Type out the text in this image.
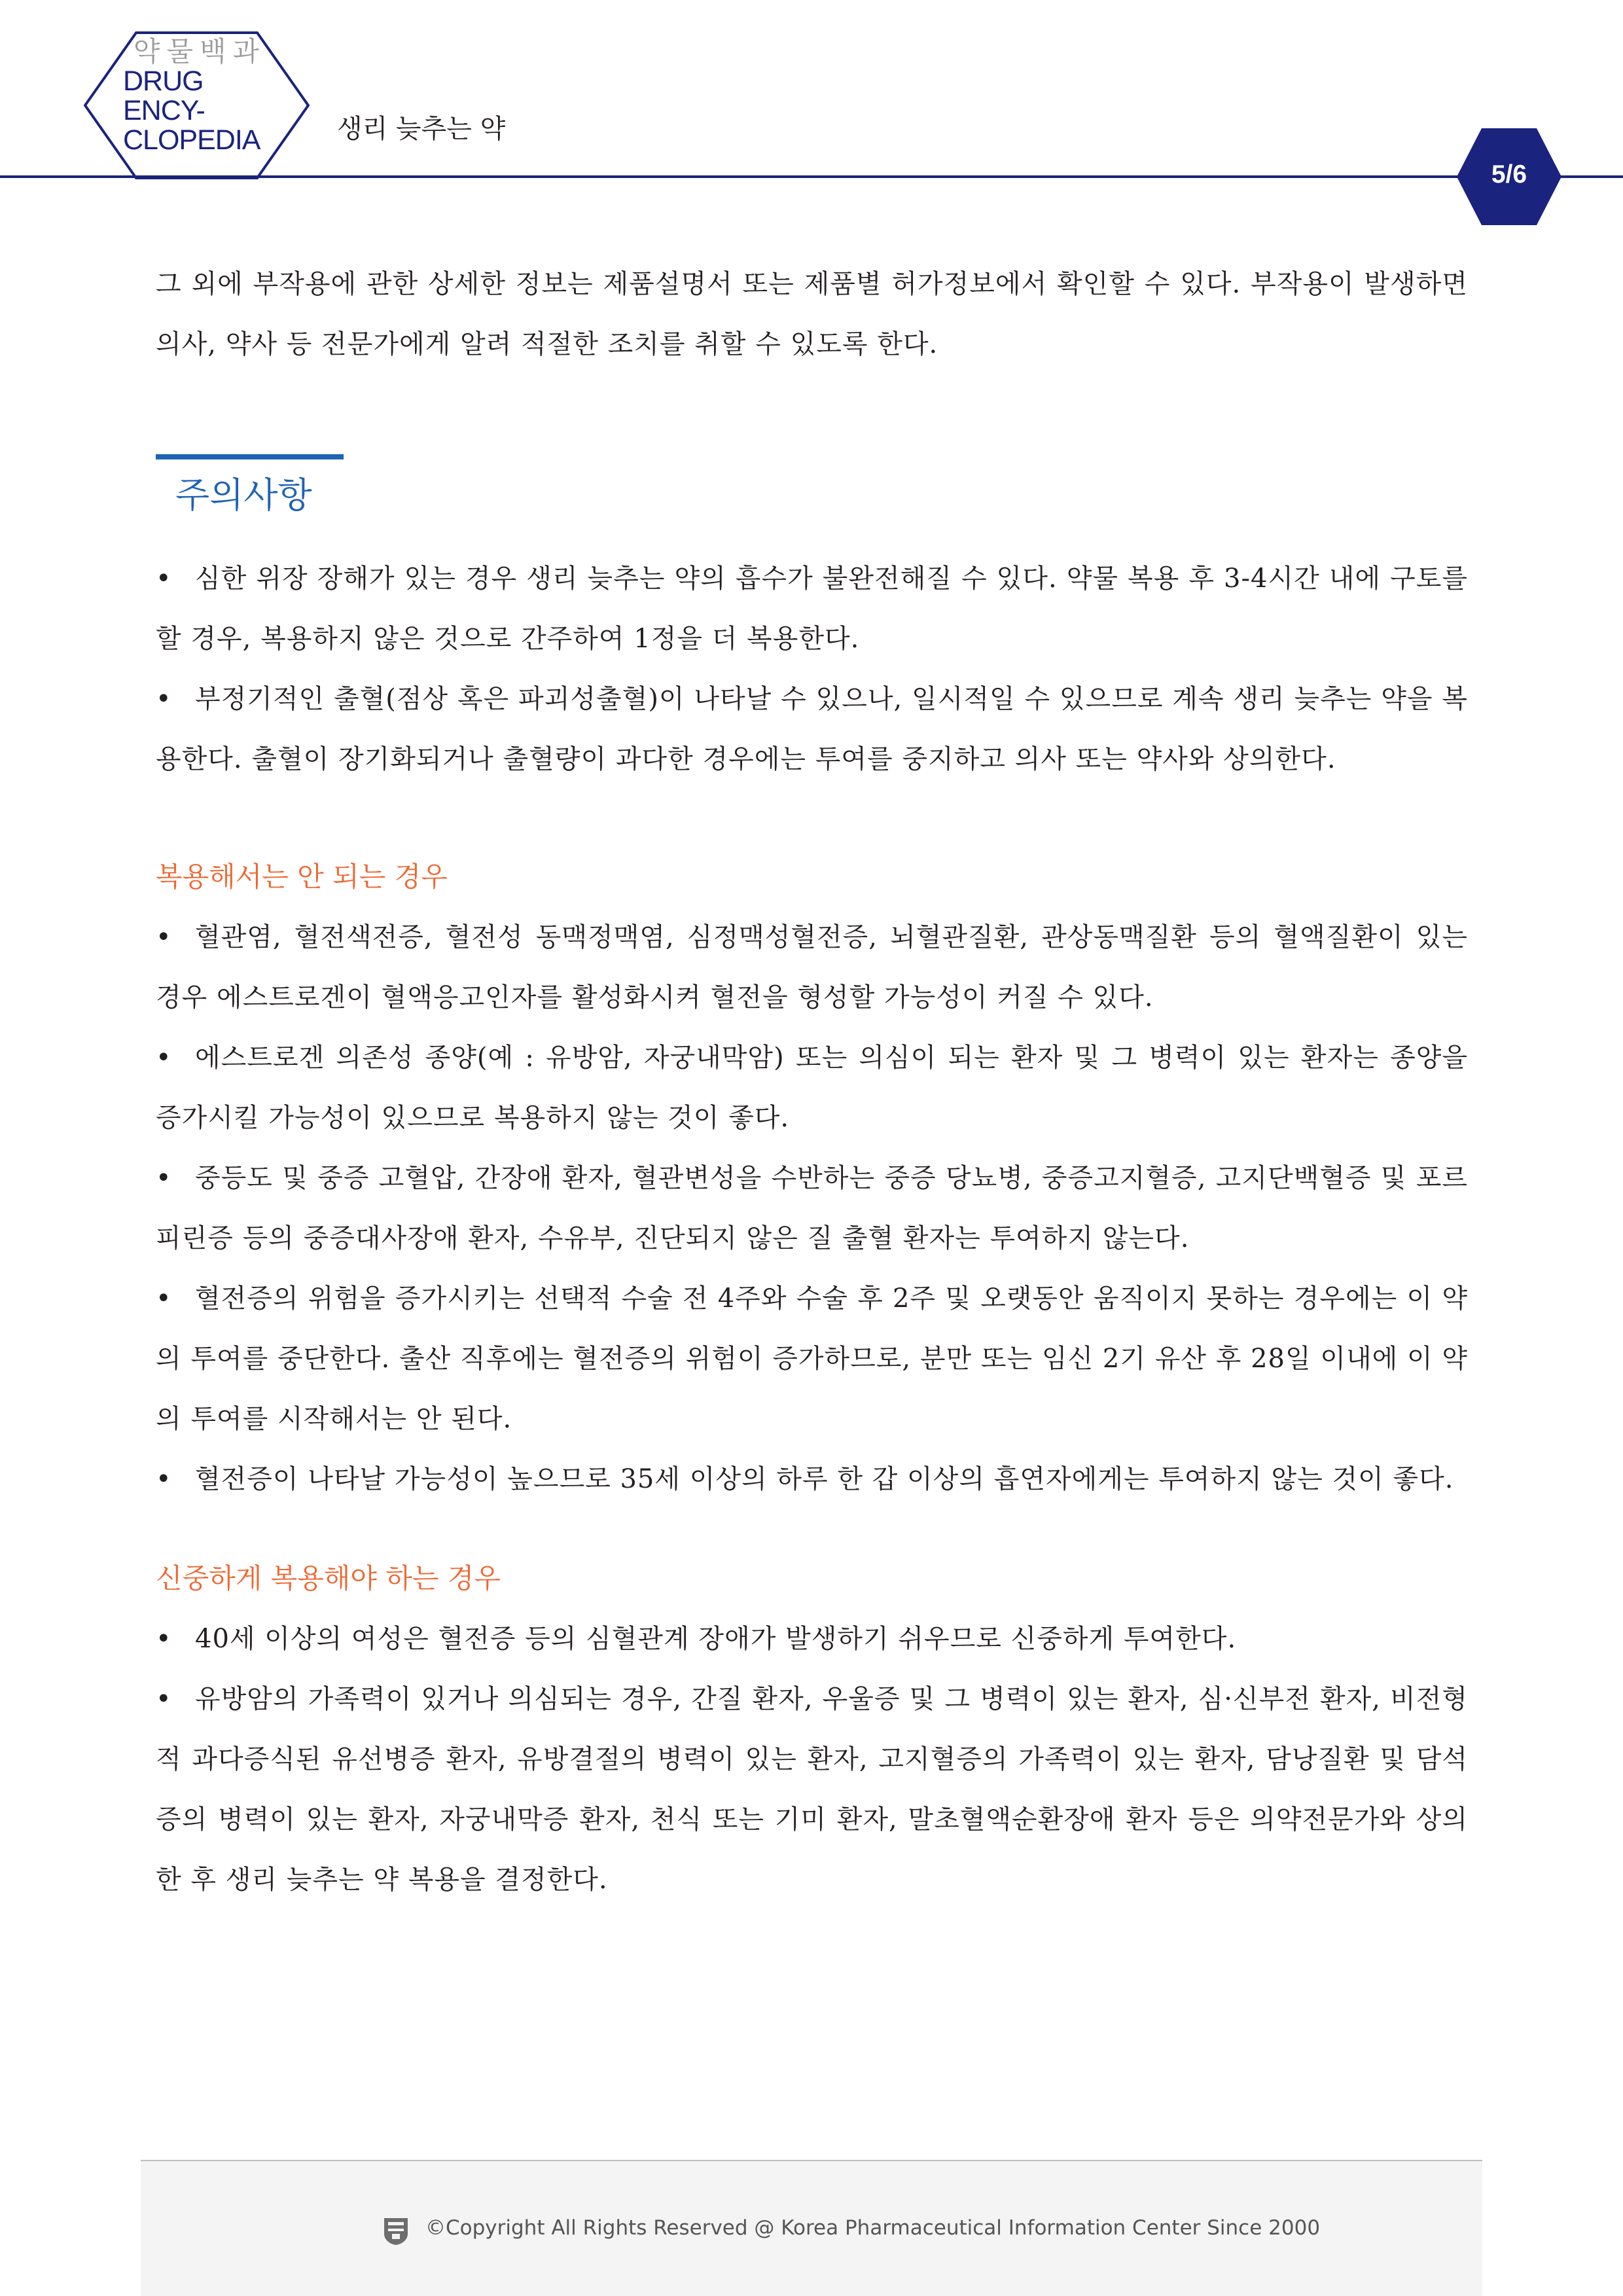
약물백과
DRUG ENCY-
CLOPEDIA	생리 늦추는 약
5/6

그 외에 부작용에 관한 상세한 정보는 제품설명서 또는 제품별 허가정보에서 확인할 수 있다. 부작용이 발생하면 의사, 약사 등 전문가에게 알려 적절한 조치를 취할 수 있도록 한다.

주의사항

• 심한 위장 장해가 있는 경우 생리 늦추는 약의 흡수가 불완전해질 수 있다. 약물 복용 후 3-4시간 내에 구토를 할 경우, 복용하지 않은 것으로 간주하여 1정을 더 복용한다.

• 부정기적인 출혈(점상 혹은 파괴성출혈)이 나타날 수 있으나, 일시적일 수 있으므로 계속 생리 늦추는 약을 복용한다. 출혈이 장기화되거나 출혈량이 과다한 경우에는 투여를 중지하고 의사 또는 약사와 상의한다.

복용해서는 안 되는 경우

• 혈관염, 혈전색전증, 혈전성 동맥정맥염, 심정맥성혈전증, 뇌혈관질환, 관상동맥질환 등의 혈액질환이 있는 경우 에스트로겐이 혈액응고인자를 활성화시켜 혈전을 형성할 가능성이 커질 수 있다.

• 에스트로겐 의존성 종양(예 : 유방암, 자궁내막암) 또는 의심이 되는 환자 및 그 병력이 있는 환자는 종양을 증가시킬 가능성이 있으므로 복용하지 않는 것이 좋다.

• 중등도 및 중증 고혈압, 간장애 환자, 혈관변성을 수반하는 중증 당뇨병, 중증고지혈증, 고지단백혈증 및 포르피린증 등의 중증대사장애 환자, 수유부, 진단되지 않은 질 출혈 환자는 투여하지 않는다.

• 혈전증의 위험을 증가시키는 선택적 수술 전 4주와 수술 후 2주 및 오랫동안 움직이지 못하는 경우에는 이 약의 투여를 중단한다. 출산 직후에는 혈전증의 위험이 증가하므로, 분만 또는 임신 2기 유산 후 28일 이내에 이 약의 투여를 시작해서는 안 된다.

• 혈전증이 나타날 가능성이 높으므로 35세 이상의 하루 한 갑 이상의 흡연자에게는 투여하지 않는 것이 좋다.

신중하게 복용해야 하는 경우

• 40세 이상의 여성은 혈전증 등의 심혈관계 장애가 발생하기 쉬우므로 신중하게 투여한다.

• 유방암의 가족력이 있거나 의심되는 경우, 간질 환자, 우울증 및 그 병력이 있는 환자, 심·신부전 환자, 비전형적 과다증식된 유선병증 환자, 유방결절의 병력이 있는 환자, 고지혈증의 가족력이 있는 환자, 담낭질환 및 담석증의 병력이 있는 환자, 자궁내막증 환자, 천식 또는 기미 환자, 말초혈액순환장애 환자 등은 의약전문가와 상의한 후 생리 늦추는 약 복용을 결정한다.

©Copyright All Rights Reserved @ Korea Pharmaceutical Information Center Since 2000
